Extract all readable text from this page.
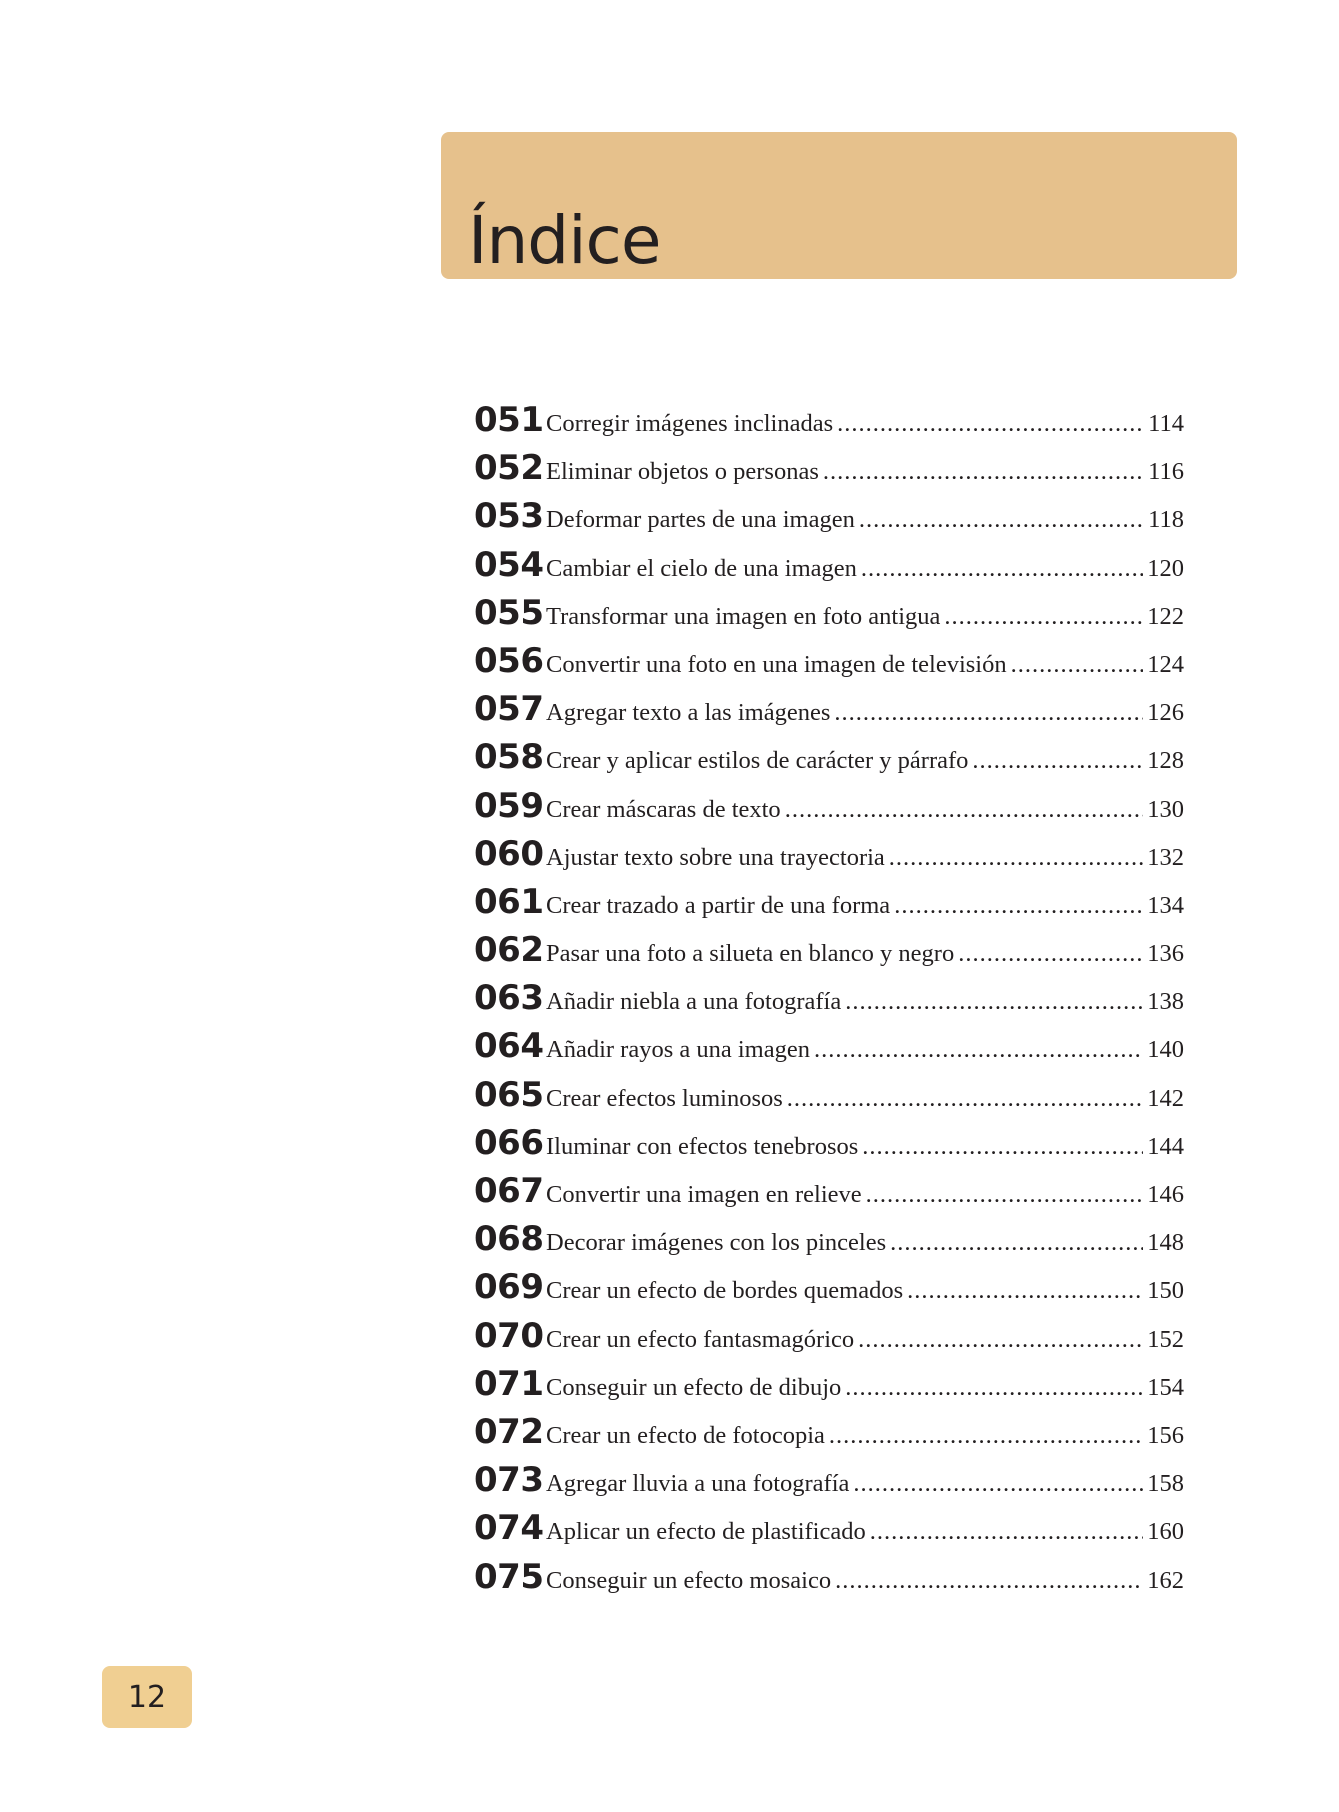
Índice
051 Corregir imágenes inclinadas .....	114
052 Eliminar objetos o personas .....	116
053 Deformar partes de una imagen .....	118
054 Cambiar el cielo de una imagen .....	120
055 Transformar una imagen en foto antigua .....	122
056 Convertir una foto en una imagen de televisión .....	124
057 Agregar texto a las imágenes .....	126
058 Crear y aplicar estilos de carácter y párrafo .....	128
059 Crear máscaras de texto .....	130
060 Ajustar texto sobre una trayectoria .....	132
061 Crear trazado a partir de una forma .....	134
062 Pasar una foto a silueta en blanco y negro .....	136
063 Añadir niebla a una fotografía .....	138
064 Añadir rayos a una imagen .....	140
065 Crear efectos luminosos .....	142
066 Iluminar con efectos tenebrosos .....	144
067 Convertir una imagen en relieve .....	146
068 Decorar imágenes con los pinceles .....	148
069 Crear un efecto de bordes quemados .....	150
070 Crear un efecto fantasmagórico .....	152
071 Conseguir un efecto de dibujo .....	154
072 Crear un efecto de fotocopia .....	156
073 Agregar lluvia a una fotografía .....	158
074 Aplicar un efecto de plastificado .....	160
075 Conseguir un efecto mosaico .....	162
12
